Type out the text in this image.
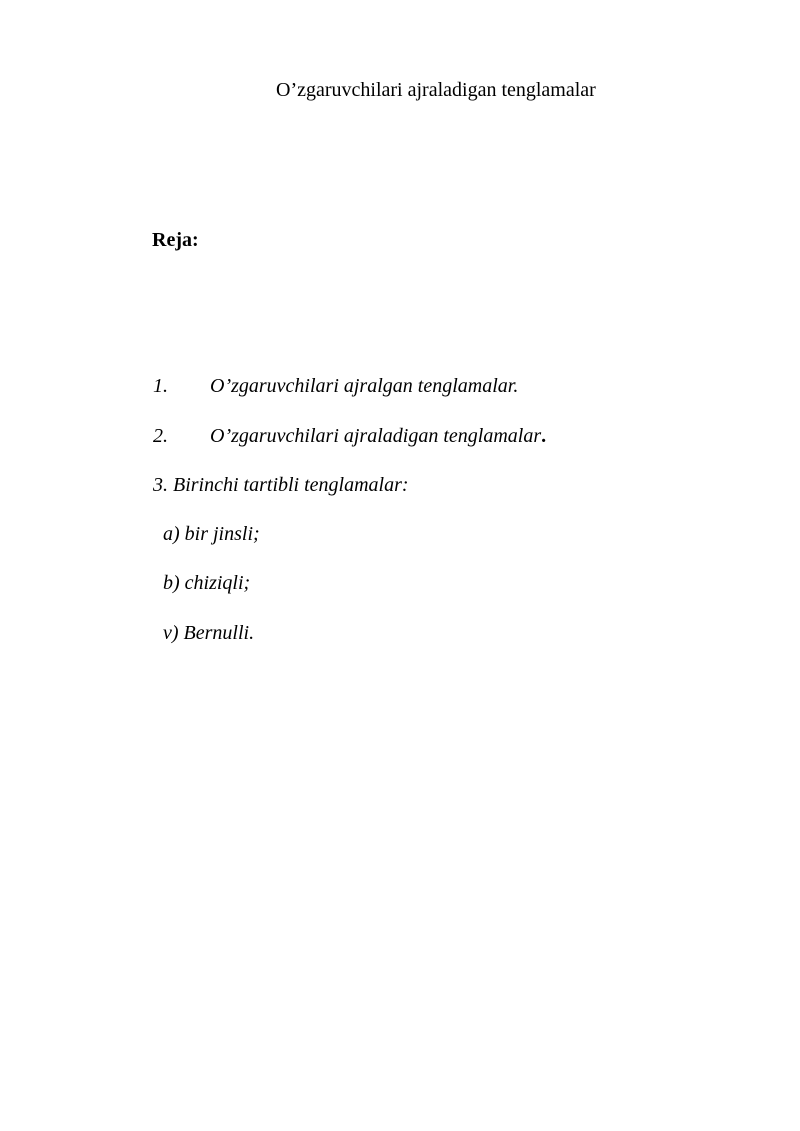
O’zgaruvchilari ajraladigan tenglamalar
Reja:
1. O’zgaruvchilari ajralgan tenglamalar.
2. O’zgaruvchilari ajraladigan tenglamalar.
3. Birinchi tartibli tenglamalar:
a) bir jinsli;
b) chiziqli;
v) Bernulli.
